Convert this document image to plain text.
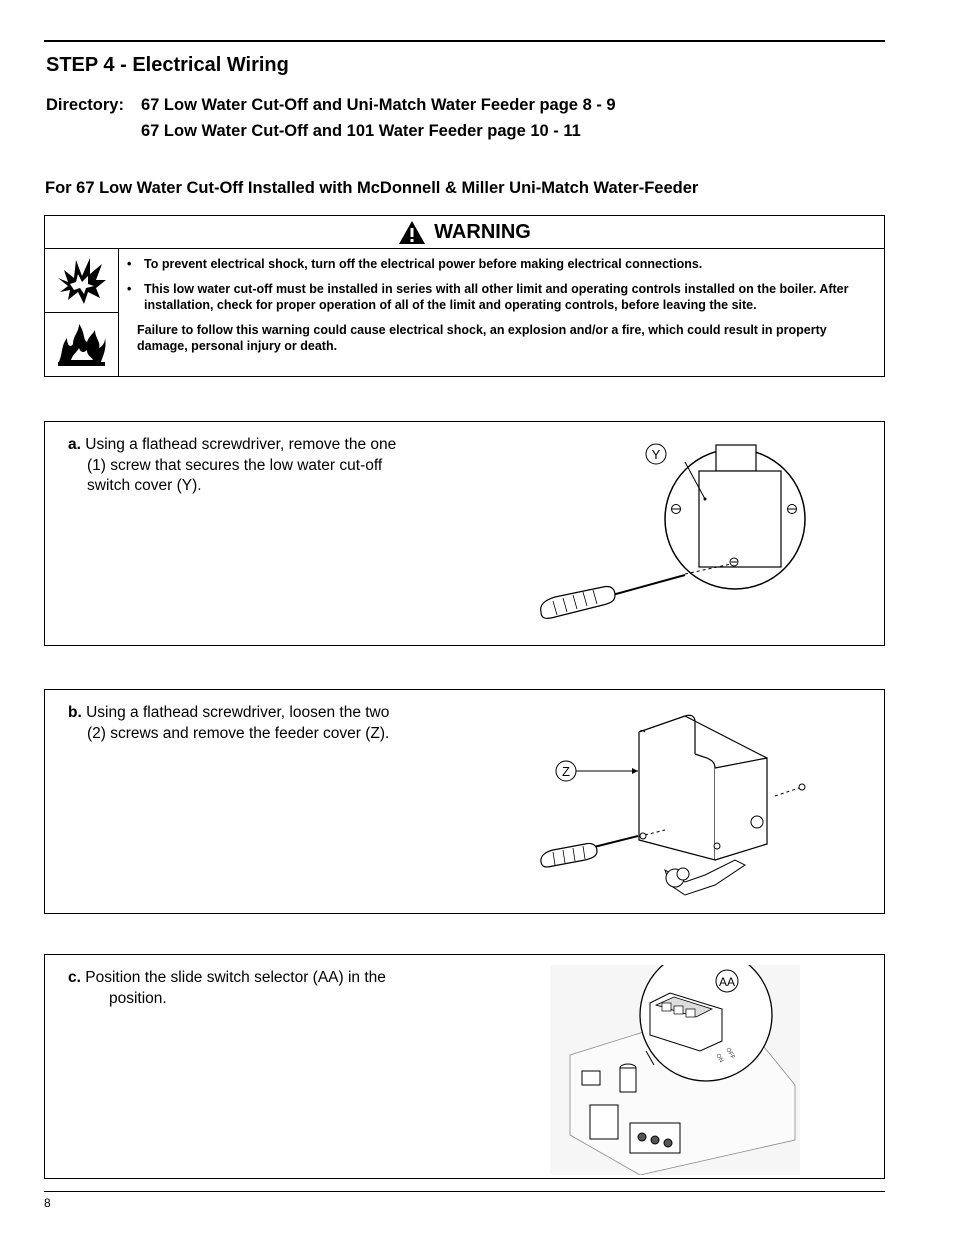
STEP 4 - Electrical Wiring
Directory: 67 Low Water Cut-Off and Uni-Match Water Feeder page 8 - 9
67 Low Water Cut-Off and 101 Water Feeder page 10 - 11
For 67 Low Water Cut-Off Installed with McDonnell & Miller Uni-Match Water-Feeder
WARNING
•	To prevent electrical shock, turn off the electrical power before making electrical connections.
•	This low water cut-off must be installed in series with all other limit and operating controls installed on the boiler. After installation, check for proper operation of all of the limit and operating controls, before leaving the site.
Failure to follow this warning could cause electrical shock, an explosion and/or a fire, which could result in property damage, personal injury or death.
a. Using a flathead screwdriver, remove the one
(1) screw that secures the low water cut-off
switch cover (Y).
Y
b. Using a flathead screwdriver, loosen the two
(2) screws and remove the feeder cover (Z).
Z
c. Position the slide switch selector (AA) in the
position.
OFF
ON
AA
8
